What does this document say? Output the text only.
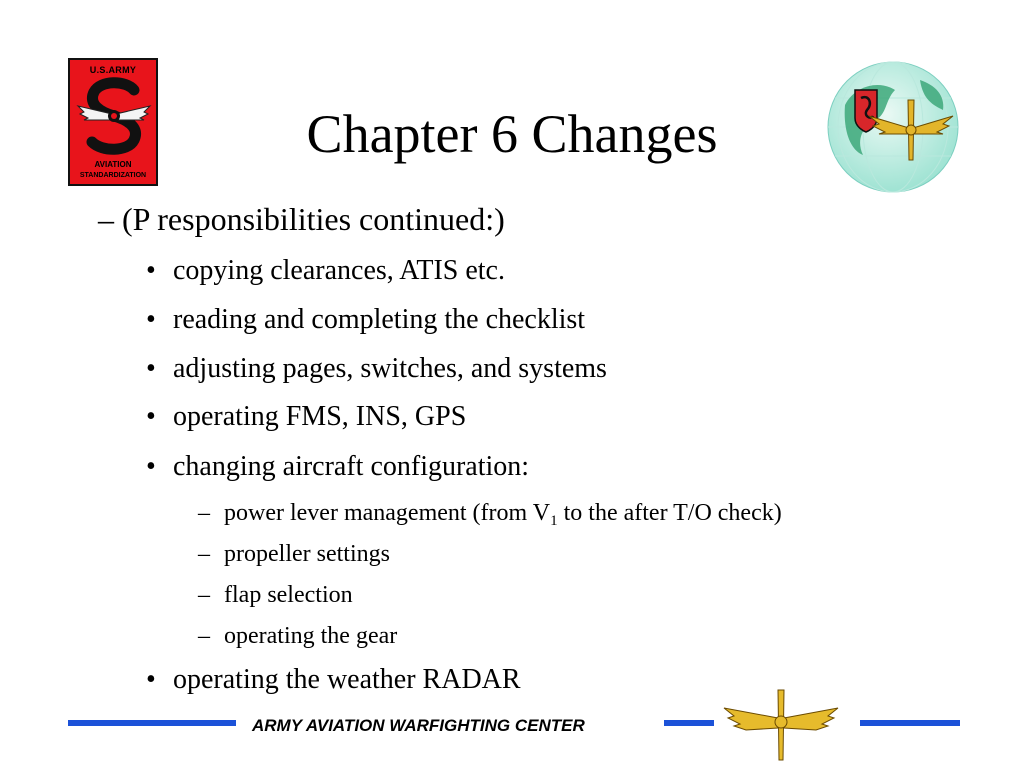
U.S.ARMY
AVIATION
STANDARDIZATION
Chapter 6 Changes
– (P responsibilities continued:)
• copying clearances, ATIS etc.
• reading and completing the checklist
• adjusting pages, switches, and systems
• operating FMS, INS, GPS
• changing aircraft configuration:
– power lever management (from $V_1$ to the after T/O check)
– propeller settings
– flap selection
– operating the gear
• operating the weather RADAR
ARMY AVIATION WARFIGHTING CENTER
